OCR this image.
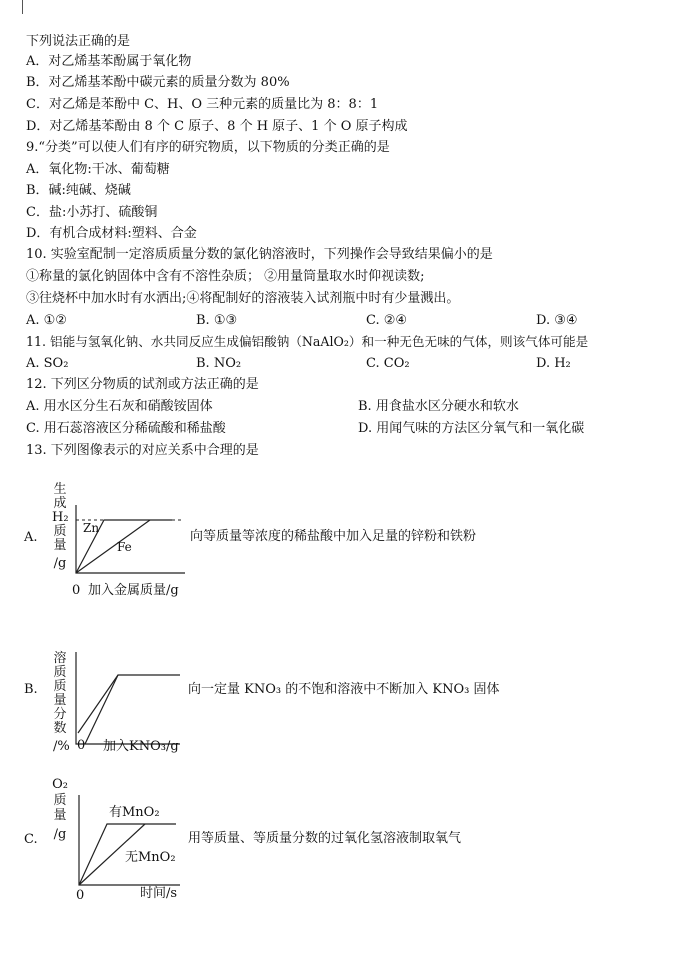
下列说法正确的是
A．对乙烯基苯酚属于氧化物
B．对乙烯基苯酚中碳元素的质量分数为 80%
C．对乙烯是苯酚中 C、H、O 三种元素的质量比为 8：8：1
D．对乙烯基苯酚由 8 个 C 原子、8 个 H 原子、1 个 O 原子构成
9.“分类”可以使人们有序的研究物质，以下物质的分类正确的是
A．氧化物:干冰、葡萄糖
B．碱:纯碱、烧碱
C．盐:小苏打、硫酸铜
D．有机合成材料:塑料、合金
10. 实验室配制一定溶质质量分数的氯化钠溶液时，下列操作会导致结果偏小的是
①称量的氯化钠固体中含有不溶性杂质； ②用量筒量取水时仰视读数;
③往烧杯中加水时有水洒出;④将配制好的溶液装入试剂瓶中时有少量溅出。
A. ①②	B. ①③	C. ②④	D. ③④
11. 铝能与氢氧化钠、水共同反应生成偏铝酸钠（NaAlO₂）和一种无色无味的气体，则该气体可能是
A. SO₂	B. NO₂	C. CO₂	D. H₂
12. 下列区分物质的试剂或方法正确的是
A. 用水区分生石灰和硝酸铵固体	B. 用食盐水区分硬水和软水
C. 用石蕊溶液区分稀硫酸和稀盐酸	D. 用闻气味的方法区分氧气和一氧化碳
13. 下列图像表示的对应关系中合理的是
A.
生
成
H₂
质
量
/g
Zn
Fe
0 加入金属质量/g
向等质量等浓度的稀盐酸中加入足量的锌粉和铁粉
B.
溶
质
质
量
分
数
/% 0 加入KNO₃/g
向一定量 KNO₃ 的不饱和溶液中不断加入 KNO₃ 固体
C.
O₂
质
量
/g
有MnO₂
无MnO₂
0	时间/s
用等质量、等质量分数的过氧化氢溶液制取氧气
